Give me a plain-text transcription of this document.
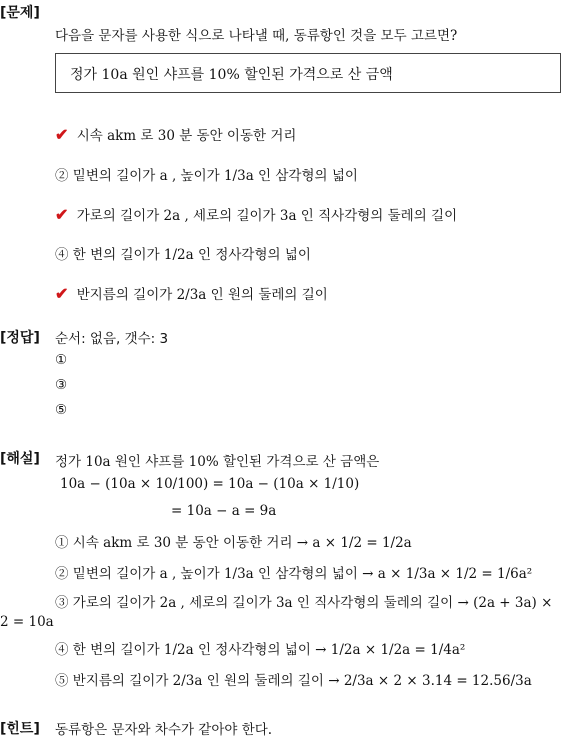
[문제]
[정답]
[해설]
[힌트]
다음을 문자를 사용한 식으로 나타낼 때, 동류항인 것을 모두 고르면?
정가 10a 원인 샤프를 10% 할인된 가격으로 산 금액
✔ 시속 akm 로 30 분 동안 이동한 거리
② 밑변의 길이가 a , 높이가 1/3a 인 삼각형의 넓이
✔ 가로의 길이가 2a , 세로의 길이가 3a 인 직사각형의 둘레의 길이
④ 한 변의 길이가 1/2a 인 정사각형의 넓이
✔ 반지름의 길이가 2/3a 인 원의 둘레의 길이
순서: 없음, 갯수: 3
①
③
⑤
정가 10a 원인 샤프를 10% 할인된 가격으로 산 금액은
10a − (10a × 10/100) = 10a − (10a × 1/10)
= 10a − a = 9a
① 시속 akm 로 30 분 동안 이동한 거리 → a × 1/2 = 1/2a
② 밑변의 길이가 a , 높이가 1/3a 인 삼각형의 넓이 → a × 1/3a × 1/2 = 1/6a²
③ 가로의 길이가 2a , 세로의 길이가 3a 인 직사각형의 둘레의 길이 → (2a + 3a) ×
2 = 10a
④ 한 변의 길이가 1/2a 인 정사각형의 넓이 → 1/2a × 1/2a = 1/4a²
⑤ 반지름의 길이가 2/3a 인 원의 둘레의 길이 → 2/3a × 2 × 3.14 = 12.56/3a
동류항은 문자와 차수가 같아야 한다.
